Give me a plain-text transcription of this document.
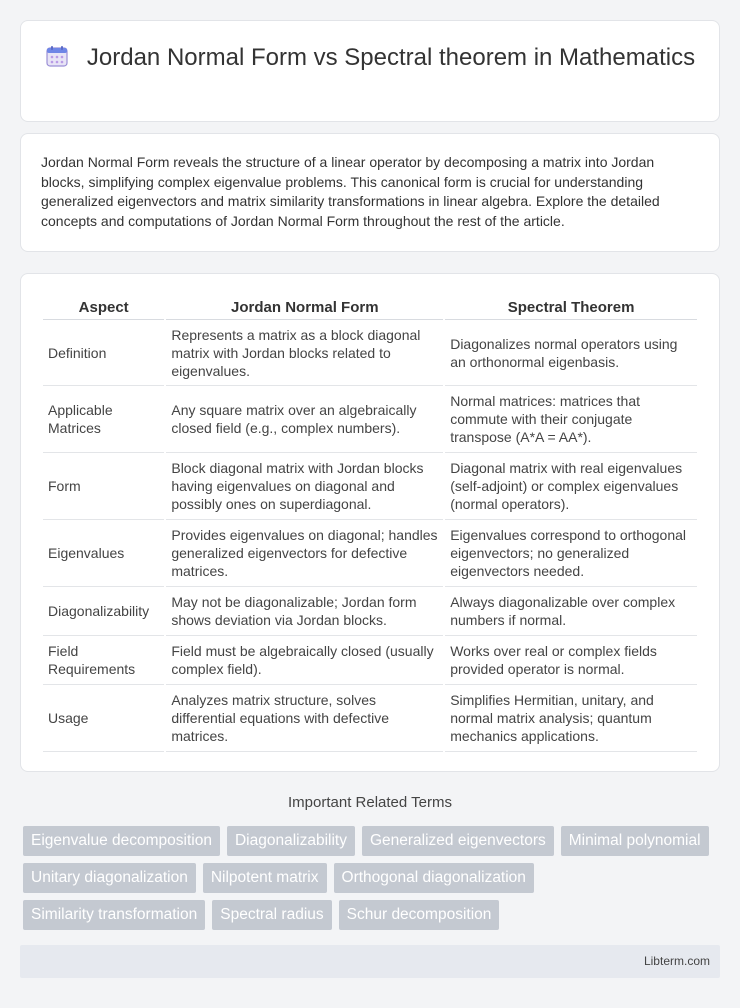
Jordan Normal Form vs Spectral theorem in Mathematics

Jordan Normal Form reveals the structure of a linear operator by decomposing a matrix into Jordan blocks, simplifying complex eigenvalue problems. This canonical form is crucial for understanding generalized eigenvectors and matrix similarity transformations in linear algebra. Explore the detailed concepts and computations of Jordan Normal Form throughout the rest of the article.

Aspect	Jordan Normal Form	Spectral Theorem
Definition	Represents a matrix as a block diagonal matrix with Jordan blocks related to eigenvalues.	Diagonalizes normal operators using an orthonormal eigenbasis.
Applicable Matrices	Any square matrix over an algebraically closed field (e.g., complex numbers).	Normal matrices: matrices that commute with their conjugate transpose (A*A = AA*).
Form	Block diagonal matrix with Jordan blocks having eigenvalues on diagonal and possibly ones on superdiagonal.	Diagonal matrix with real eigenvalues (self-adjoint) or complex eigenvalues (normal operators).
Eigenvalues	Provides eigenvalues on diagonal; handles generalized eigenvectors for defective matrices.	Eigenvalues correspond to orthogonal eigenvectors; no generalized eigenvectors needed.
Diagonalizability	May not be diagonalizable; Jordan form shows deviation via Jordan blocks.	Always diagonalizable over complex numbers if normal.
Field Requirements	Field must be algebraically closed (usually complex field).	Works over real or complex fields provided operator is normal.
Usage	Analyzes matrix structure, solves differential equations with defective matrices.	Simplifies Hermitian, unitary, and normal matrix analysis; quantum mechanics applications.
Important Related Terms
Eigenvalue decomposition	Diagonalizability	Generalized eigenvectors	Minimal polynomial
Unitary diagonalization	Nilpotent matrix	Orthogonal diagonalization
Similarity transformation	Spectral radius	Schur decomposition
Libterm.com
